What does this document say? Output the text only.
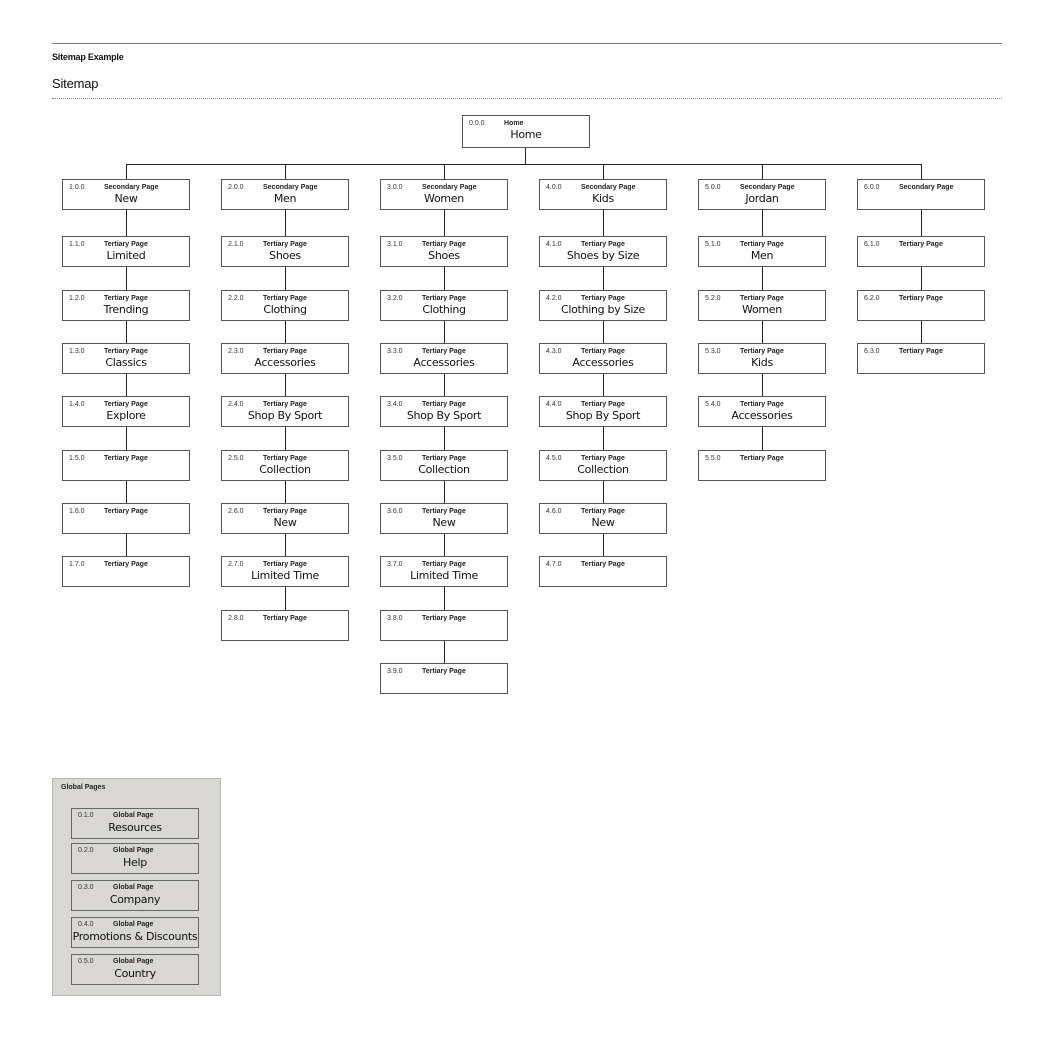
Sitemap Example
Sitemap
0.0.0	Home
Home
1.0.0	Secondary Page
New
1.1.0	Tertiary Page
Limited
1.2.0	Tertiary Page
Trending
1.3.0	Tertiary Page
Classics
1.4.0	Tertiary Page
Explore
1.5.0	Tertiary Page
1.6.0	Tertiary Page
1.7.0	Tertiary Page
2.0.0	Secondary Page
Men
2.1.0	Tertiary Page
Shoes
2.2.0	Tertiary Page
Clothing
2.3.0	Tertiary Page
Accessories
2.4.0	Tertiary Page
Shop By Sport
2.5.0	Tertiary Page
Collection
2.6.0	Tertiary Page
New
2.7.0	Tertiary Page
Limited Time
2.8.0	Tertiary Page
3.0.0	Secondary Page
Women
3.1.0	Tertiary Page
Shoes
3.2.0	Tertiary Page
Clothing
3.3.0	Tertiary Page
Accessories
3.4.0	Tertiary Page
Shop By Sport
3.5.0	Tertiary Page
Collection
3.6.0	Tertiary Page
New
3.7.0	Tertiary Page
Limited Time
3.8.0	Tertiary Page
3.9.0	Tertiary Page
4.0.0	Secondary Page
Kids
4.1.0	Tertiary Page
Shoes by Size
4.2.0	Tertiary Page
Clothing by Size
4.3.0	Tertiary Page
Accessories
4.4.0	Tertiary Page
Shop By Sport
4.5.0	Tertiary Page
Collection
4.6.0	Tertiary Page
New
4.7.0	Tertiary Page
5.0.0	Secondary Page
Jordan
5.1.0	Tertiary Page
Men
5.2.0	Tertiary Page
Women
5.3.0	Tertiary Page
Kids
5.4.0	Tertiary Page
Accessories
5.5.0	Tertiary Page
6.0.0	Secondary Page
6.1.0	Tertiary Page
6.2.0	Tertiary Page
6.3.0	Tertiary Page
Global Pages
0.1.0	Global Page
Resources
0.2.0	Global Page
Help
0.3.0	Global Page
Company
0.4.0	Global Page
Promotions & Discounts
0.5.0	Global Page
Country
